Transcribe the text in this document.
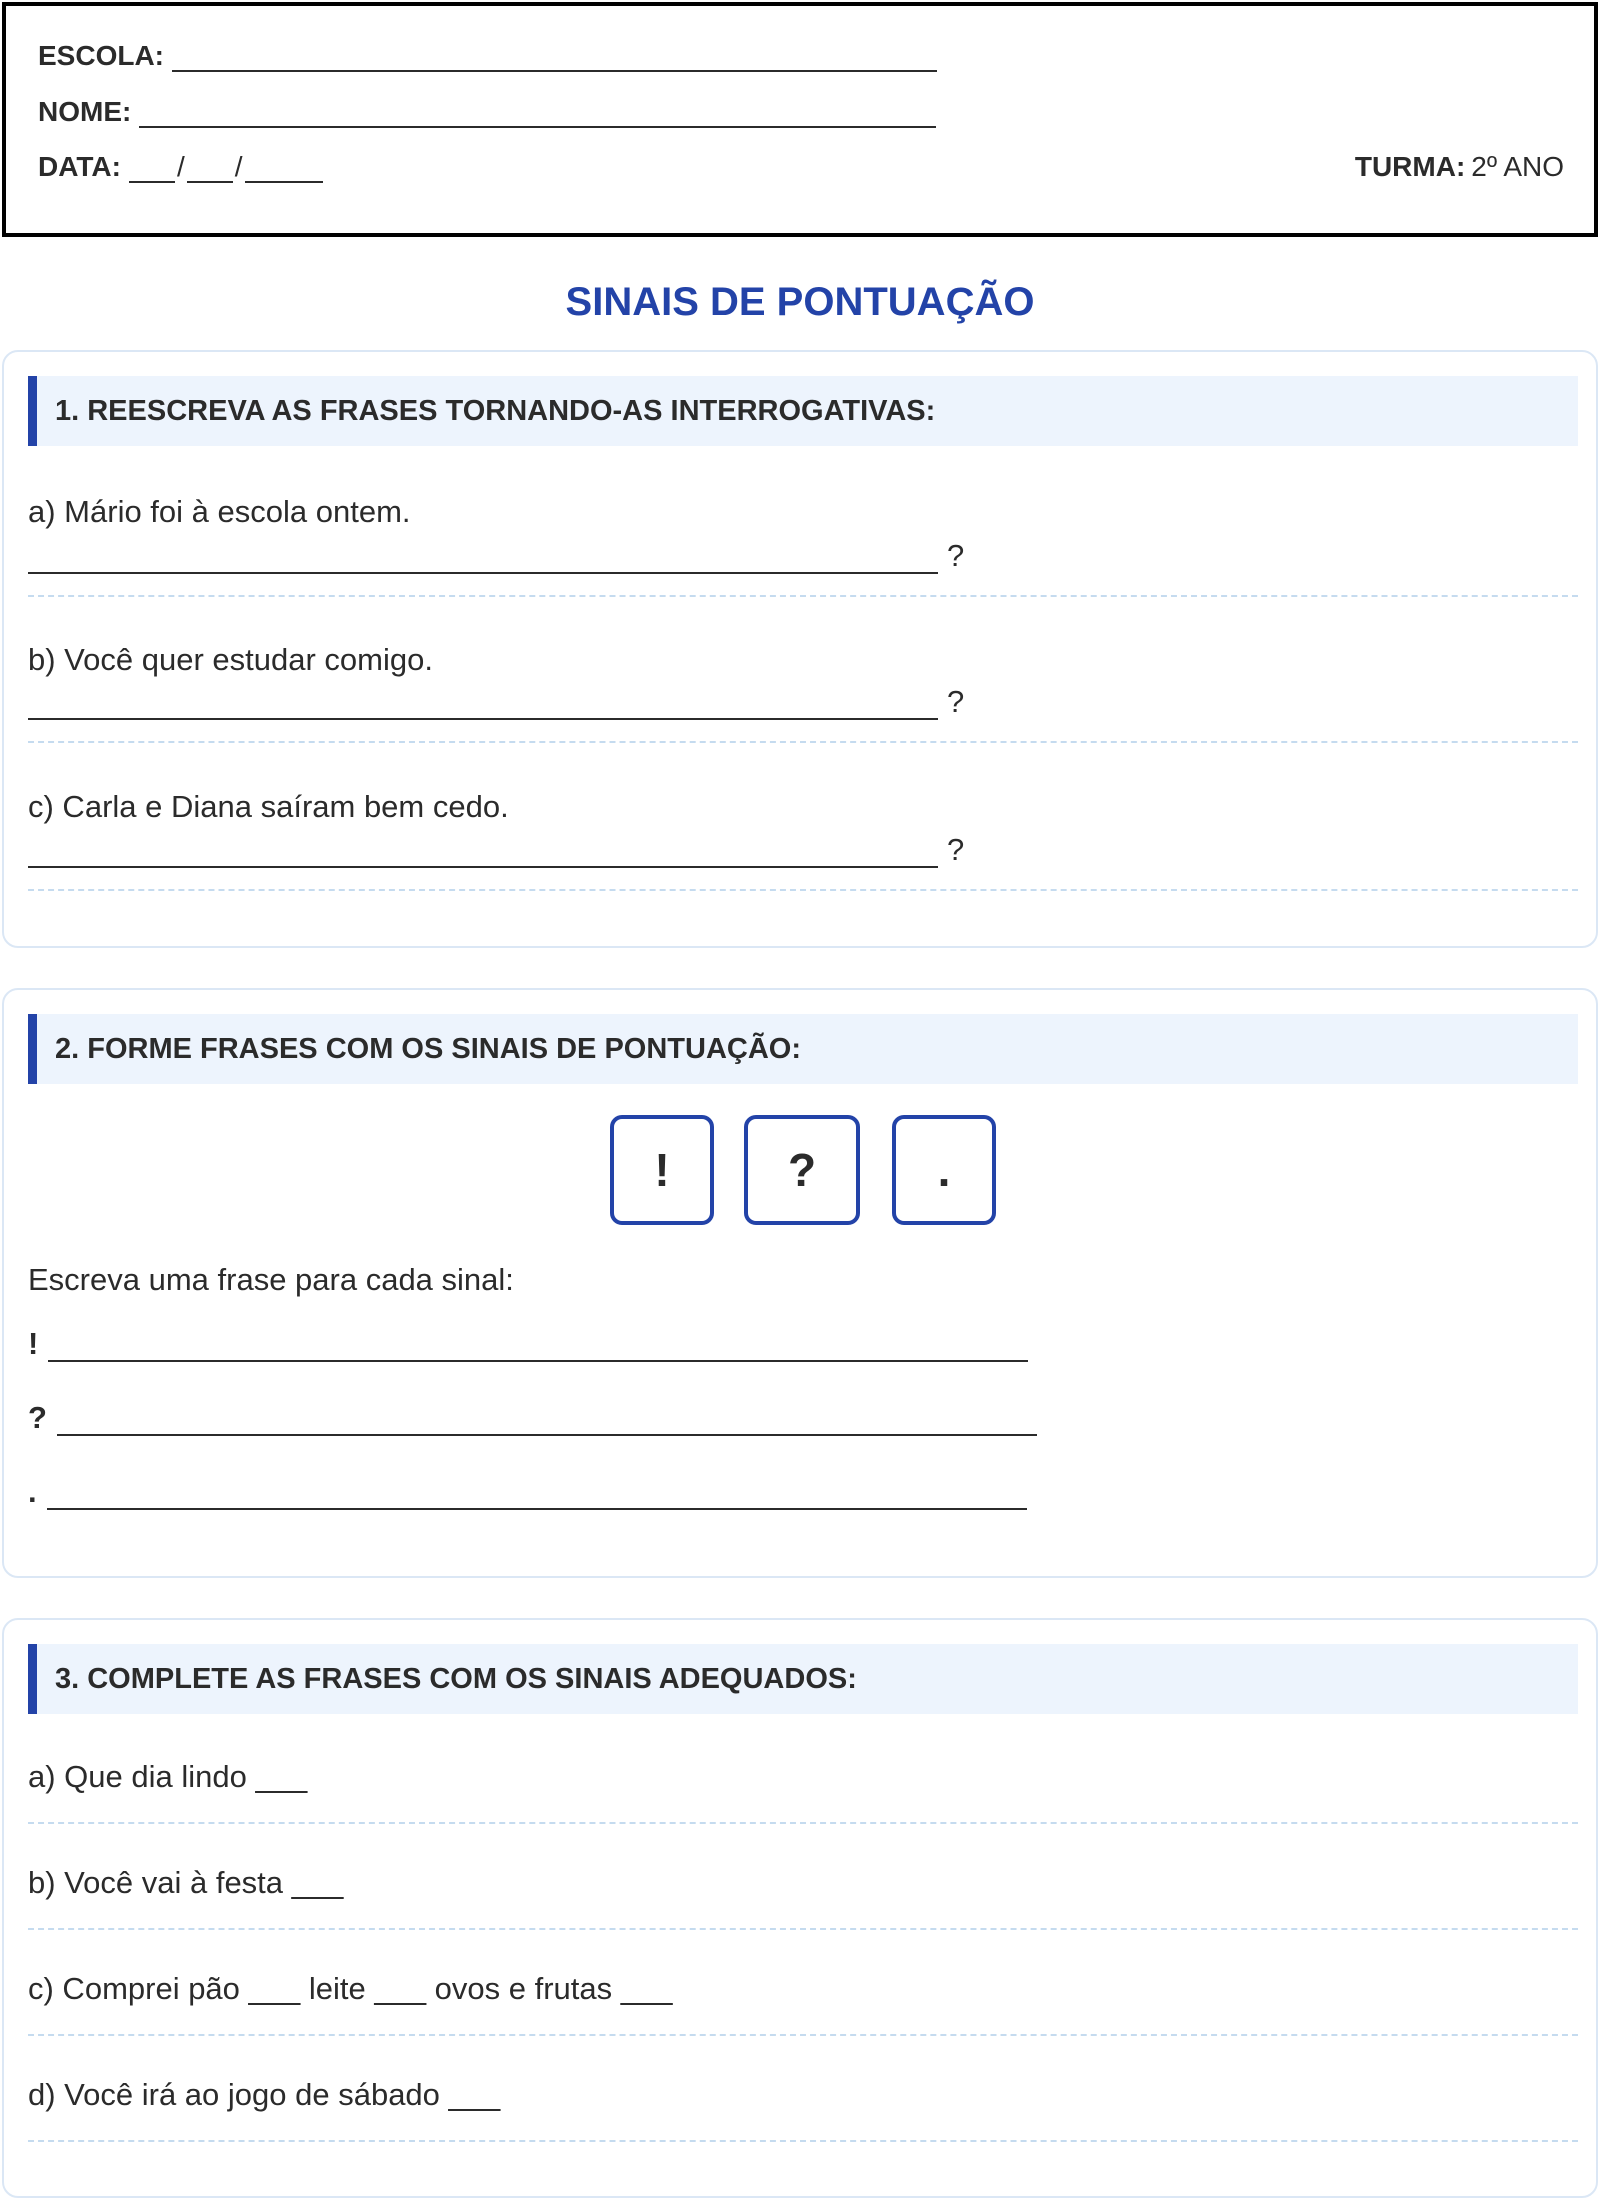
ESCOLA:
NOME:
DATA: / /	TURMA: 2º ANO
SINAIS DE PONTUAÇÃO
1. REESCREVA AS FRASES TORNANDO-AS INTERROGATIVAS:
a) Mário foi à escola ontem.
?
b) Você quer estudar comigo.
?
c) Carla e Diana saíram bem cedo.
?
2. FORME FRASES COM OS SINAIS DE PONTUAÇÃO:
!	?	.
Escreva uma frase para cada sinal:
!
?
.
3. COMPLETE AS FRASES COM OS SINAIS ADEQUADOS:
a) Que dia lindo ___
b) Você vai à festa ___
c) Comprei pão ___ leite ___ ovos e frutas ___
d) Você irá ao jogo de sábado ___
